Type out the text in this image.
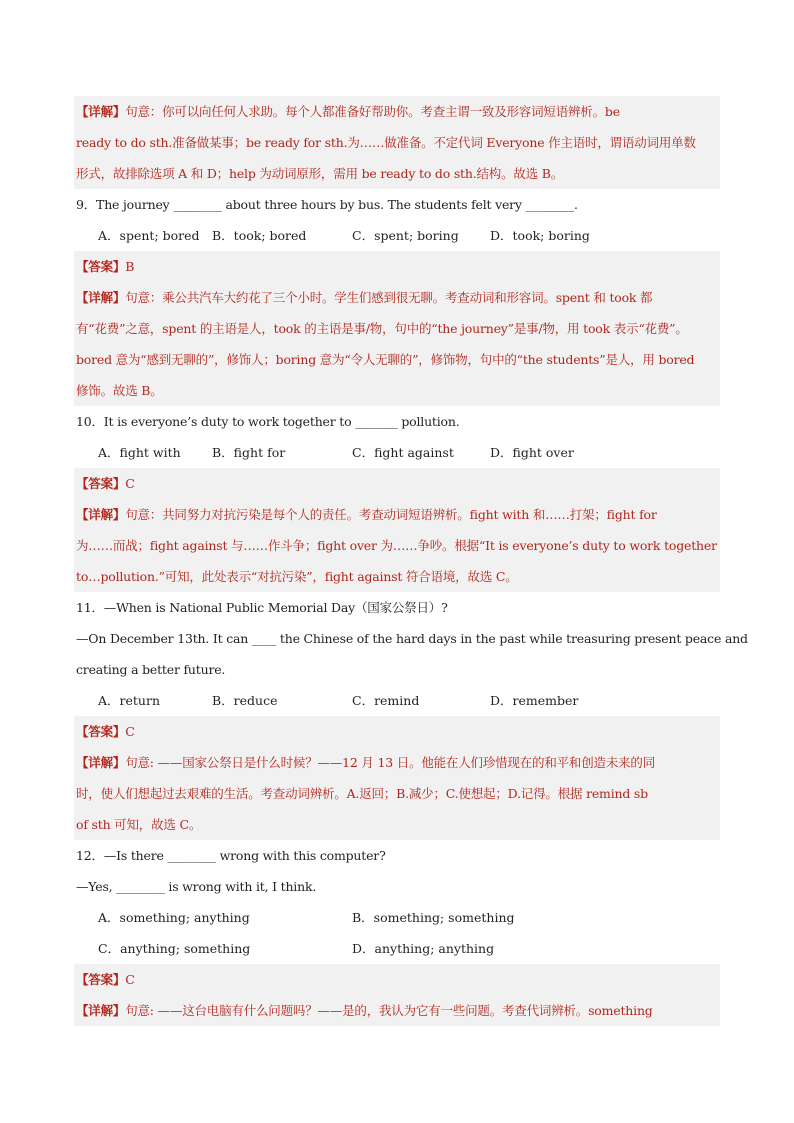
【详解】句意：你可以向任何人求助。每个人都准备好帮助你。考查主谓一致及形容词短语辨析。be
ready to do sth.准备做某事；be ready for sth.为……做准备。不定代词 Everyone 作主语时，谓语动词用单数
形式，故排除选项 A 和 D；help 为动词原形，需用 be ready to do sth.结构。故选 B。
9．The journey ________ about three hours by bus. The students felt very ________.
A．spent; bored B．took; bored	C．spent; boring	D．took; boring
【答案】B
【详解】句意：乘公共汽车大约花了三个小时。学生们感到很无聊。考查动词和形容词。spent 和 took 都
有“花费”之意，spent 的主语是人，took 的主语是事/物，句中的“the journey”是事/物，用 took 表示“花费”。
bored 意为“感到无聊的”，修饰人；boring 意为“令人无聊的”，修饰物，句中的“the students”是人，用 bored
修饰。故选 B。
10．It is everyone’s duty to work together to _______ pollution.
A．fight with	B．fight for	C．fight against	D．fight over
【答案】C
【详解】句意：共同努力对抗污染是每个人的责任。考查动词短语辨析。fight with 和……打架；fight for
为……而战；fight against 与……作斗争；fight over 为……争吵。根据“It is everyone’s duty to work together
to…pollution.”可知，此处表示“对抗污染”，fight against 符合语境，故选 C。
11．—When is National Public Memorial Day（国家公祭日）?
—On December 13th. It can ____ the Chinese of the hard days in the past while treasuring present peace and
creating a better future.
A．return	B．reduce	C．remind	D．remember
【答案】C
【详解】句意: ——国家公祭日是什么时候？——12 月 13 日。他能在人们珍惜现在的和平和创造未来的同
时，使人们想起过去艰难的生活。考查动词辨析。A.返回；B.减少；C.使想起；D.记得。根据 remind sb
of sth 可知，故选 C。
12．—Is there ________ wrong with this computer?
—Yes, ________ is wrong with it, I think.
A．something; anything	B．something; something
C．anything; something	D．anything; anything
【答案】C
【详解】句意: ——这台电脑有什么问题吗？——是的，我认为它有一些问题。考查代词辨析。something
